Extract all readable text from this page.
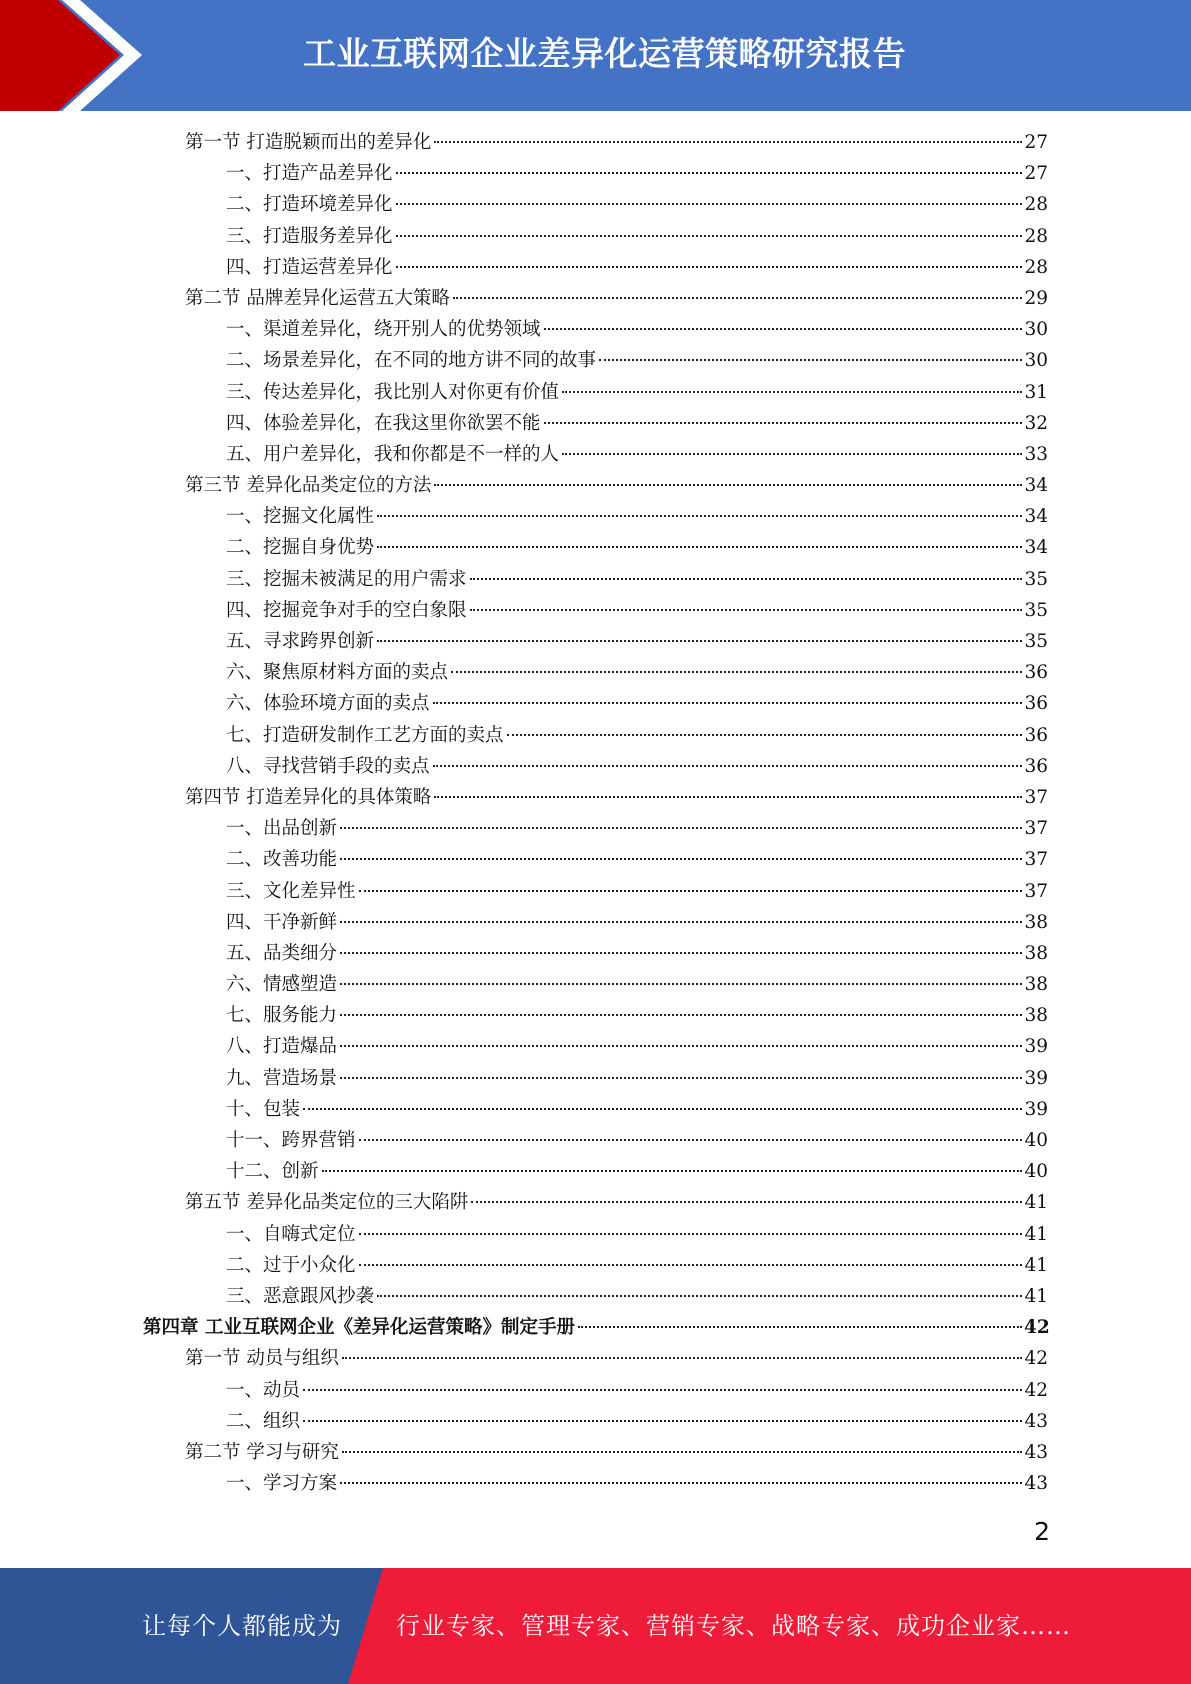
工业互联网企业差异化运营策略研究报告
第一节 打造脱颖而出的差异化	27
一、打造产品差异化	27
二、打造环境差异化	28
三、打造服务差异化	28
四、打造运营差异化	28
第二节 品牌差异化运营五大策略	29
一、渠道差异化，绕开别人的优势领域	30
二、场景差异化，在不同的地方讲不同的故事	30
三、传达差异化，我比别人对你更有价值	31
四、体验差异化，在我这里你欲罢不能	32
五、用户差异化，我和你都是不一样的人	33
第三节 差异化品类定位的方法	34
一、挖掘文化属性	34
二、挖掘自身优势	34
三、挖掘未被满足的用户需求	35
四、挖掘竞争对手的空白象限	35
五、寻求跨界创新	35
六、聚焦原材料方面的卖点	36
六、体验环境方面的卖点	36
七、打造研发制作工艺方面的卖点	36
八、寻找营销手段的卖点	36
第四节 打造差异化的具体策略	37
一、出品创新	37
二、改善功能	37
三、文化差异性	37
四、干净新鲜	38
五、品类细分	38
六、情感塑造	38
七、服务能力	38
八、打造爆品	39
九、营造场景	39
十、包装	39
十一、跨界营销	40
十二、创新	40
第五节 差异化品类定位的三大陷阱	41
一、自嗨式定位	41
二、过于小众化	41
三、恶意跟风抄袭	41
第四章 工业互联网企业《差异化运营策略》制定手册	42
第一节 动员与组织	42
一、动员	42
二、组织	43
第二节 学习与研究	43
一、学习方案	43
2
让每个人都能成为 行业专家、管理专家、营销专家、战略专家、成功企业家……
